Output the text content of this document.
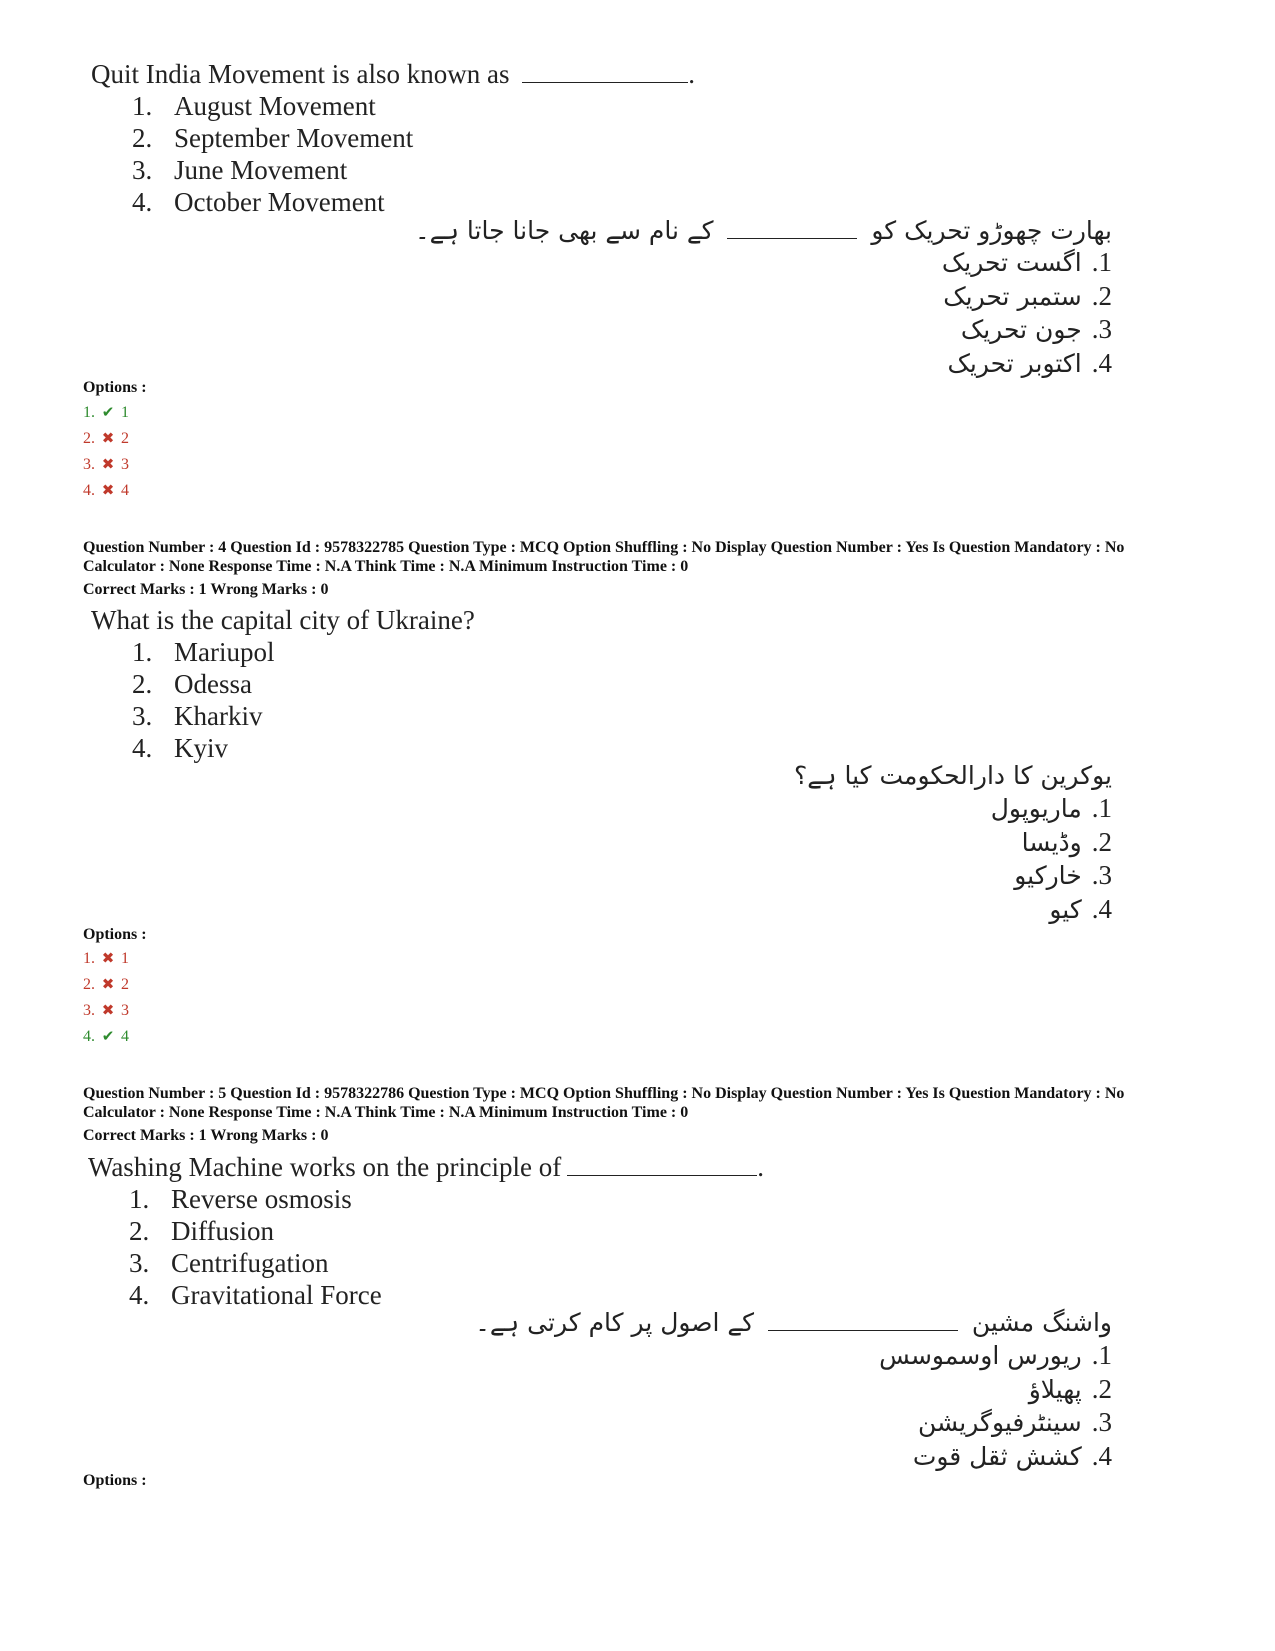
Quit India Movement is also known as	.
1. August Movement
2. September Movement
3. June Movement
4. October Movement
بھارت چھوڑو تحریک کو  کے نام سے بھی جانا جاتا ہے۔
1.اگست تحریک
2.ستمبر تحریک
3.جون تحریک
4.اکتوبر تحریک
Options :
1. ✔ 1
2. ✖ 2
3. ✖ 3
4. ✖ 4
Question Number : 4 Question Id : 9578322785 Question Type : MCQ Option Shuffling : No Display Question Number : Yes Is Question Mandatory : No Calculator : None Response Time : N.A Think Time : N.A Minimum Instruction Time : 0
Correct Marks : 1 Wrong Marks : 0
What is the capital city of Ukraine?
1. Mariupol
2. Odessa
3. Kharkiv
4. Kyiv
یوکرین کا دارالحکومت کیا ہے؟
1.ماریوپول
2.وڈیسا
3.خارکیو
4.کیو
Options :
1. ✖ 1
2. ✖ 2
3. ✖ 3
4. ✔ 4
Question Number : 5 Question Id : 9578322786 Question Type : MCQ Option Shuffling : No Display Question Number : Yes Is Question Mandatory : No Calculator : None Response Time : N.A Think Time : N.A Minimum Instruction Time : 0
Correct Marks : 1 Wrong Marks : 0
Washing Machine works on the principle of	.
1. Reverse osmosis
2. Diffusion
3. Centrifugation
4. Gravitational Force
واشنگ مشین  کے اصول پر کام کرتی ہے۔
1.ریورس اوسموسس
2.پھیلاؤ
3.سینٹرفیوگریشن
4.کشش ثقل قوت
Options :
